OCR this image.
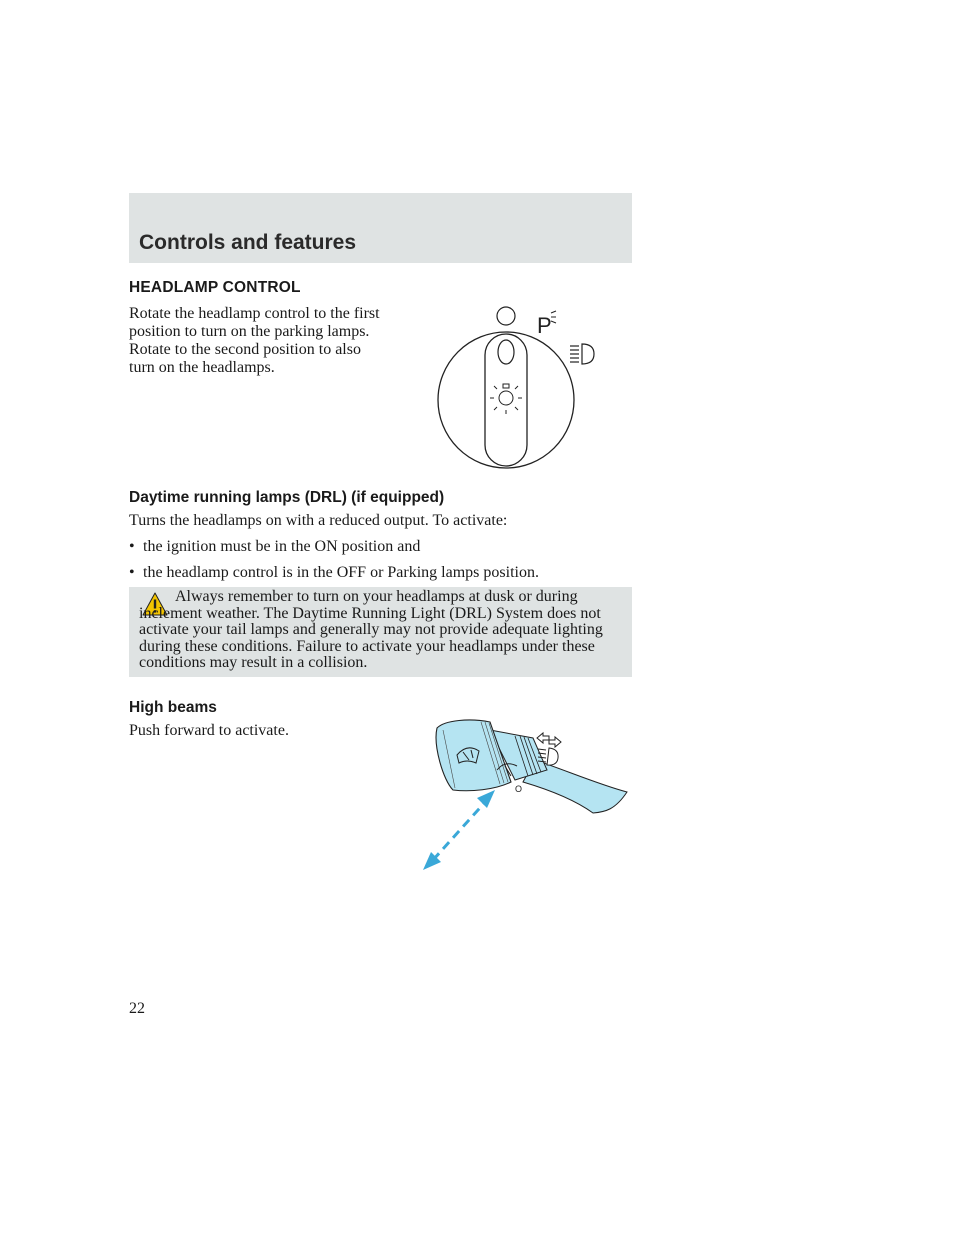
Controls and features
HEADLAMP CONTROL
Rotate the headlamp control to the first position to turn on the parking lamps. Rotate to the second position to also turn on the headlamps.
P
Daytime running lamps (DRL) (if equipped)
Turns the headlamps on with a reduced output. To activate:
• the ignition must be in the ON position and
• the headlamp control is in the OFF or Parking lamps position.
Always remember to turn on your headlamps at dusk or during inclement weather. The Daytime Running Light (DRL) System does not activate your tail lamps and generally may not provide adequate lighting during these conditions. Failure to activate your headlamps under these conditions may result in a collision.
High beams
Push forward to activate.
O
22
